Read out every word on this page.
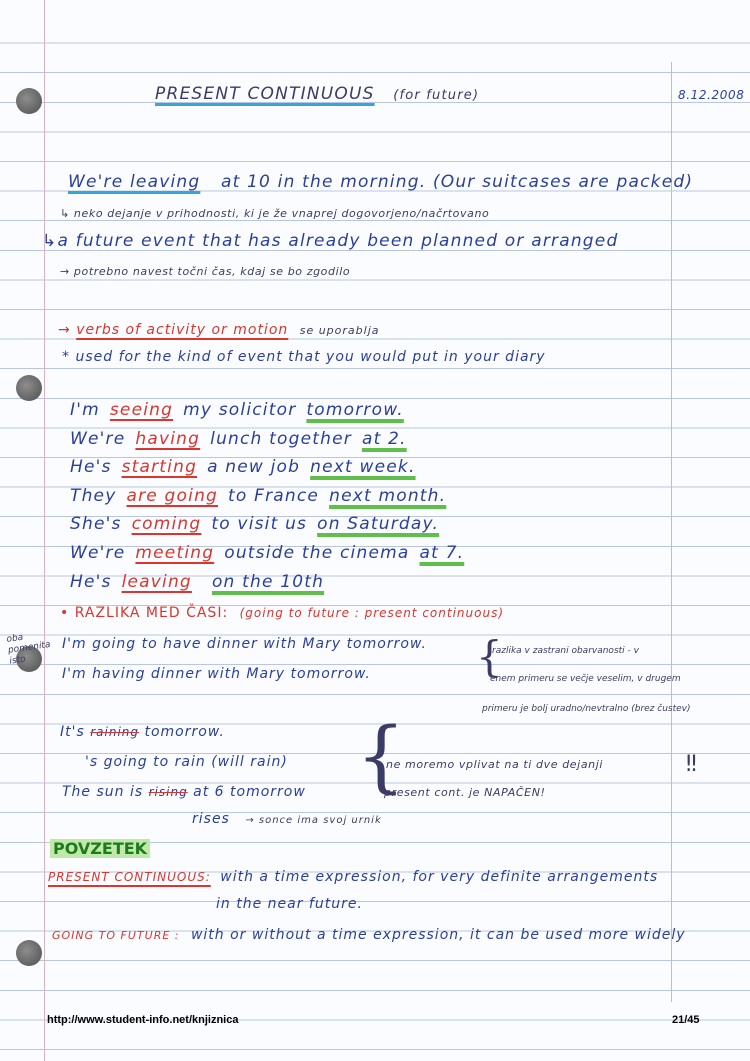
PRESENT CONTINUOUS (for future)	8.12.2008
We're leaving at 10 in the morning. (Our suitcases are packed)
↳ neko dejanje v prihodnosti, ki je že vnaprej dogovorjeno/načrtovano
↳a future event that has already been planned or arranged
→ potrebno navest točni čas, kdaj se bo zgodilo
→ verbs of activity or motion se uporablja
* used for the kind of event that you would put in your diary
I'm seeing my solicitor tomorrow.
We're having lunch together at 2.
He's starting a new job next week.
They are going to France next month.
She's coming to visit us on Saturday.
We're meeting outside the cinema at 7.
He's leaving on the 10th
• RAZLIKA MED ČASI: (going to future : present continuous)
oba pomenita isto
I'm going to have dinner with Mary tomorrow.
I'm having dinner with Mary tomorrow.	{
razlika v zastrani obarvanosti - v
enem primeru se večje veselim, v drugem
primeru je bolj uradno/nevtralno (brez čustev)
It's raining tomorrow.
's going to rain (will rain)
The sun is rising at 6 tomorrow
rises → sonce ima svoj urnik
{
ne moremo vplivat na ti dve dejanji
present cont. je NAPAČEN!
‼
POVZETEK
PRESENT CONTINUOUS: with a time expression, for very definite arrangements
in the near future.
GOING TO FUTURE : with or without a time expression, it can be used more widely
http://www.student-info.net/knjiznica	21/45
